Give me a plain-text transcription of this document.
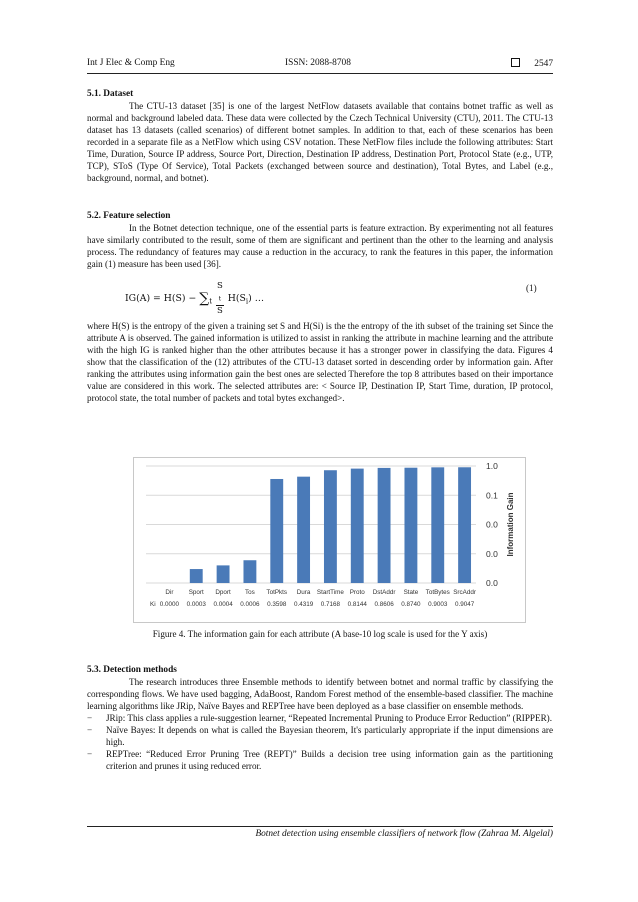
Int J Elec & Comp Eng	ISSN: 2088-8708	2547

5.1. Dataset

The CTU-13 dataset [35] is one of the largest NetFlow datasets available that contains botnet traffic as well as normal and background labeled data. These data were collected by the Czech Technical University (CTU), 2011. The CTU-13 dataset has 13 datasets (called scenarios) of different botnet samples. In addition to that, each of these scenarios has been recorded in a separate file as a NetFlow which using CSV notation. These NetFlow files include the following attributes: Start Time, Duration, Source IP address, Source Port, Direction, Destination IP address, Destination Port, Protocol State (e.g., UTP, TCP), SToS (Type Of Service), Total Packets (exchanged between source and destination), Total Bytes, and Label (e.g., background, normal, and botnet).

5.2. Feature selection

In the Botnet detection technique, one of the essential parts is feature extraction. By experimenting not all features have similarly contributed to the result, some of them are significant and pertinent than the other to the learning and analysis process. The redundancy of features may cause a reduction in the accuracy, to rank the features in this paper, the information gain (1) measure has been used [36].

$IG(A) = H(S) - \sum_t$ S
$_t$
S $H(S_i)$ …
(1)

where H(S) is the entropy of the given a training set S and H(Si) is the the entropy of the ith subset of the training set Since the attribute A is observed. The gained information is utilized to assist in ranking the attribute in machine learning and the attribute with the high IG is ranked higher than the other attributes because it has a stronger power in classifying the data. Figures 4 show that the classification of the (12) attributes of the CTU-13 dataset sorted in descending order by information gain. After ranking the attributes using information gain the best ones are selected Therefore the top 8 attributes based on their importance value are considered in this work. The selected attributes are: < Source IP, Destination IP, Start Time, duration, IP protocol, protocol state, the total number of packets and total bytes exchanged>.

0.0
0.0
0.0
0.1
1.0
Information Gain
Dir
0.0000
Sport
0.0003
Dport
0.0004
Tos
0.0006
TotPkts
0.3598
Dura
0.4319
StartTime
0.7168
Proto
0.8144
DstAddr
0.8606
State
0.8740
TotBytes
0.9003
SrcAddr
0.9047
Ki
Figure 4. The information gain for each attribute (A base-10 log scale is used for the Y axis)

5.3. Detection methods

The research introduces three Ensemble methods to identify between botnet and normal traffic by classifying the corresponding flows. We have used bagging, AdaBoost, Random Forest method of the ensemble-based classifier. The machine learning algorithms like JRip, Naïve Bayes and REPTree have been deployed as a base classifier on ensemble methods.

− JRip: This class applies a rule-suggestion learner, “Repeated Incremental Pruning to Produce Error Reduction” (RIPPER).
− Naïve Bayes: It depends on what is called the Bayesian theorem, It's particularly appropriate if the input dimensions are high.
− REPTree: “Reduced Error Pruning Tree (REPT)” Builds a decision tree using information gain as the partitioning criterion and prunes it using reduced error.
Botnet detection using ensemble classifiers of network flow (Zahraa M. Algelal)
